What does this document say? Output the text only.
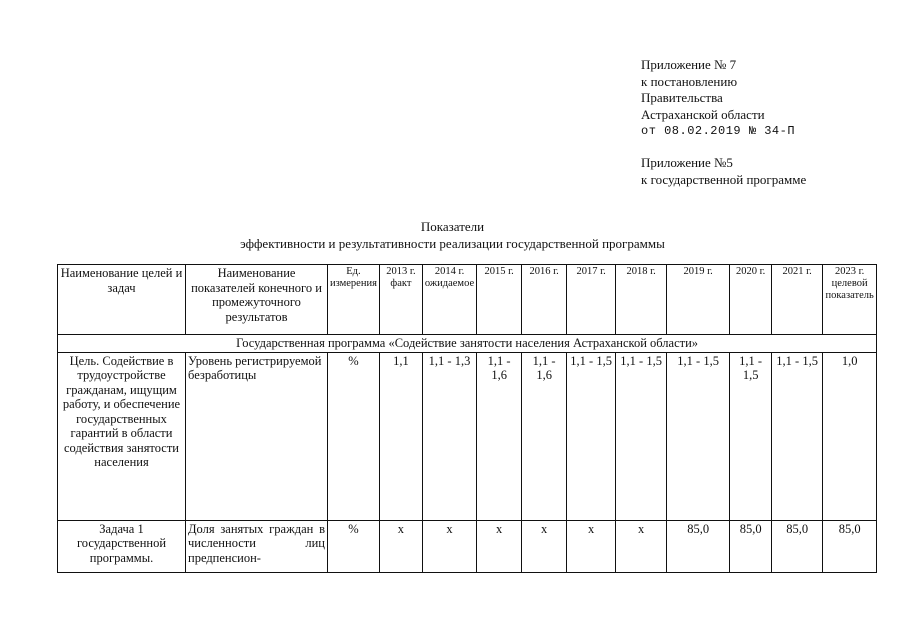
Приложение № 7
к постановлению
Правительства
Астраханской области
от 08.02.2019 № 34-П
Приложение №5
к государственной программе
Показатели
эффективности и результативности реализации государственной программы
Наименование целей и задач	Наименование показателей конечного и промежуточного результатов	Ед. измерения	2013 г. факт	2014 г. ожидаемое	2015 г.	2016 г.	2017 г.	2018 г.	2019 г.	2020 г.	2021 г.	2023 г. целевой показатель
Государственная программа «Содействие занятости населения Астраханской области»												
Цель. Содействие в трудоустройстве гражданам, ищущим работу, и обеспечение государственных гарантий в области содействия занятости населения	Уровень регистрируемой безработицы	%	1,1	1,1 - 1,3	1,1 - 1,6	1,1 - 1,6	1,1 - 1,5	1,1 - 1,5	1,1 - 1,5	1,1 - 1,5	1,1 - 1,5	1,0
Задача 1 государственной программы.	Доля занятых граждан в численности лиц предпенсион-	%	x	x	x	x	x	x	85,0	85,0	85,0	85,0
